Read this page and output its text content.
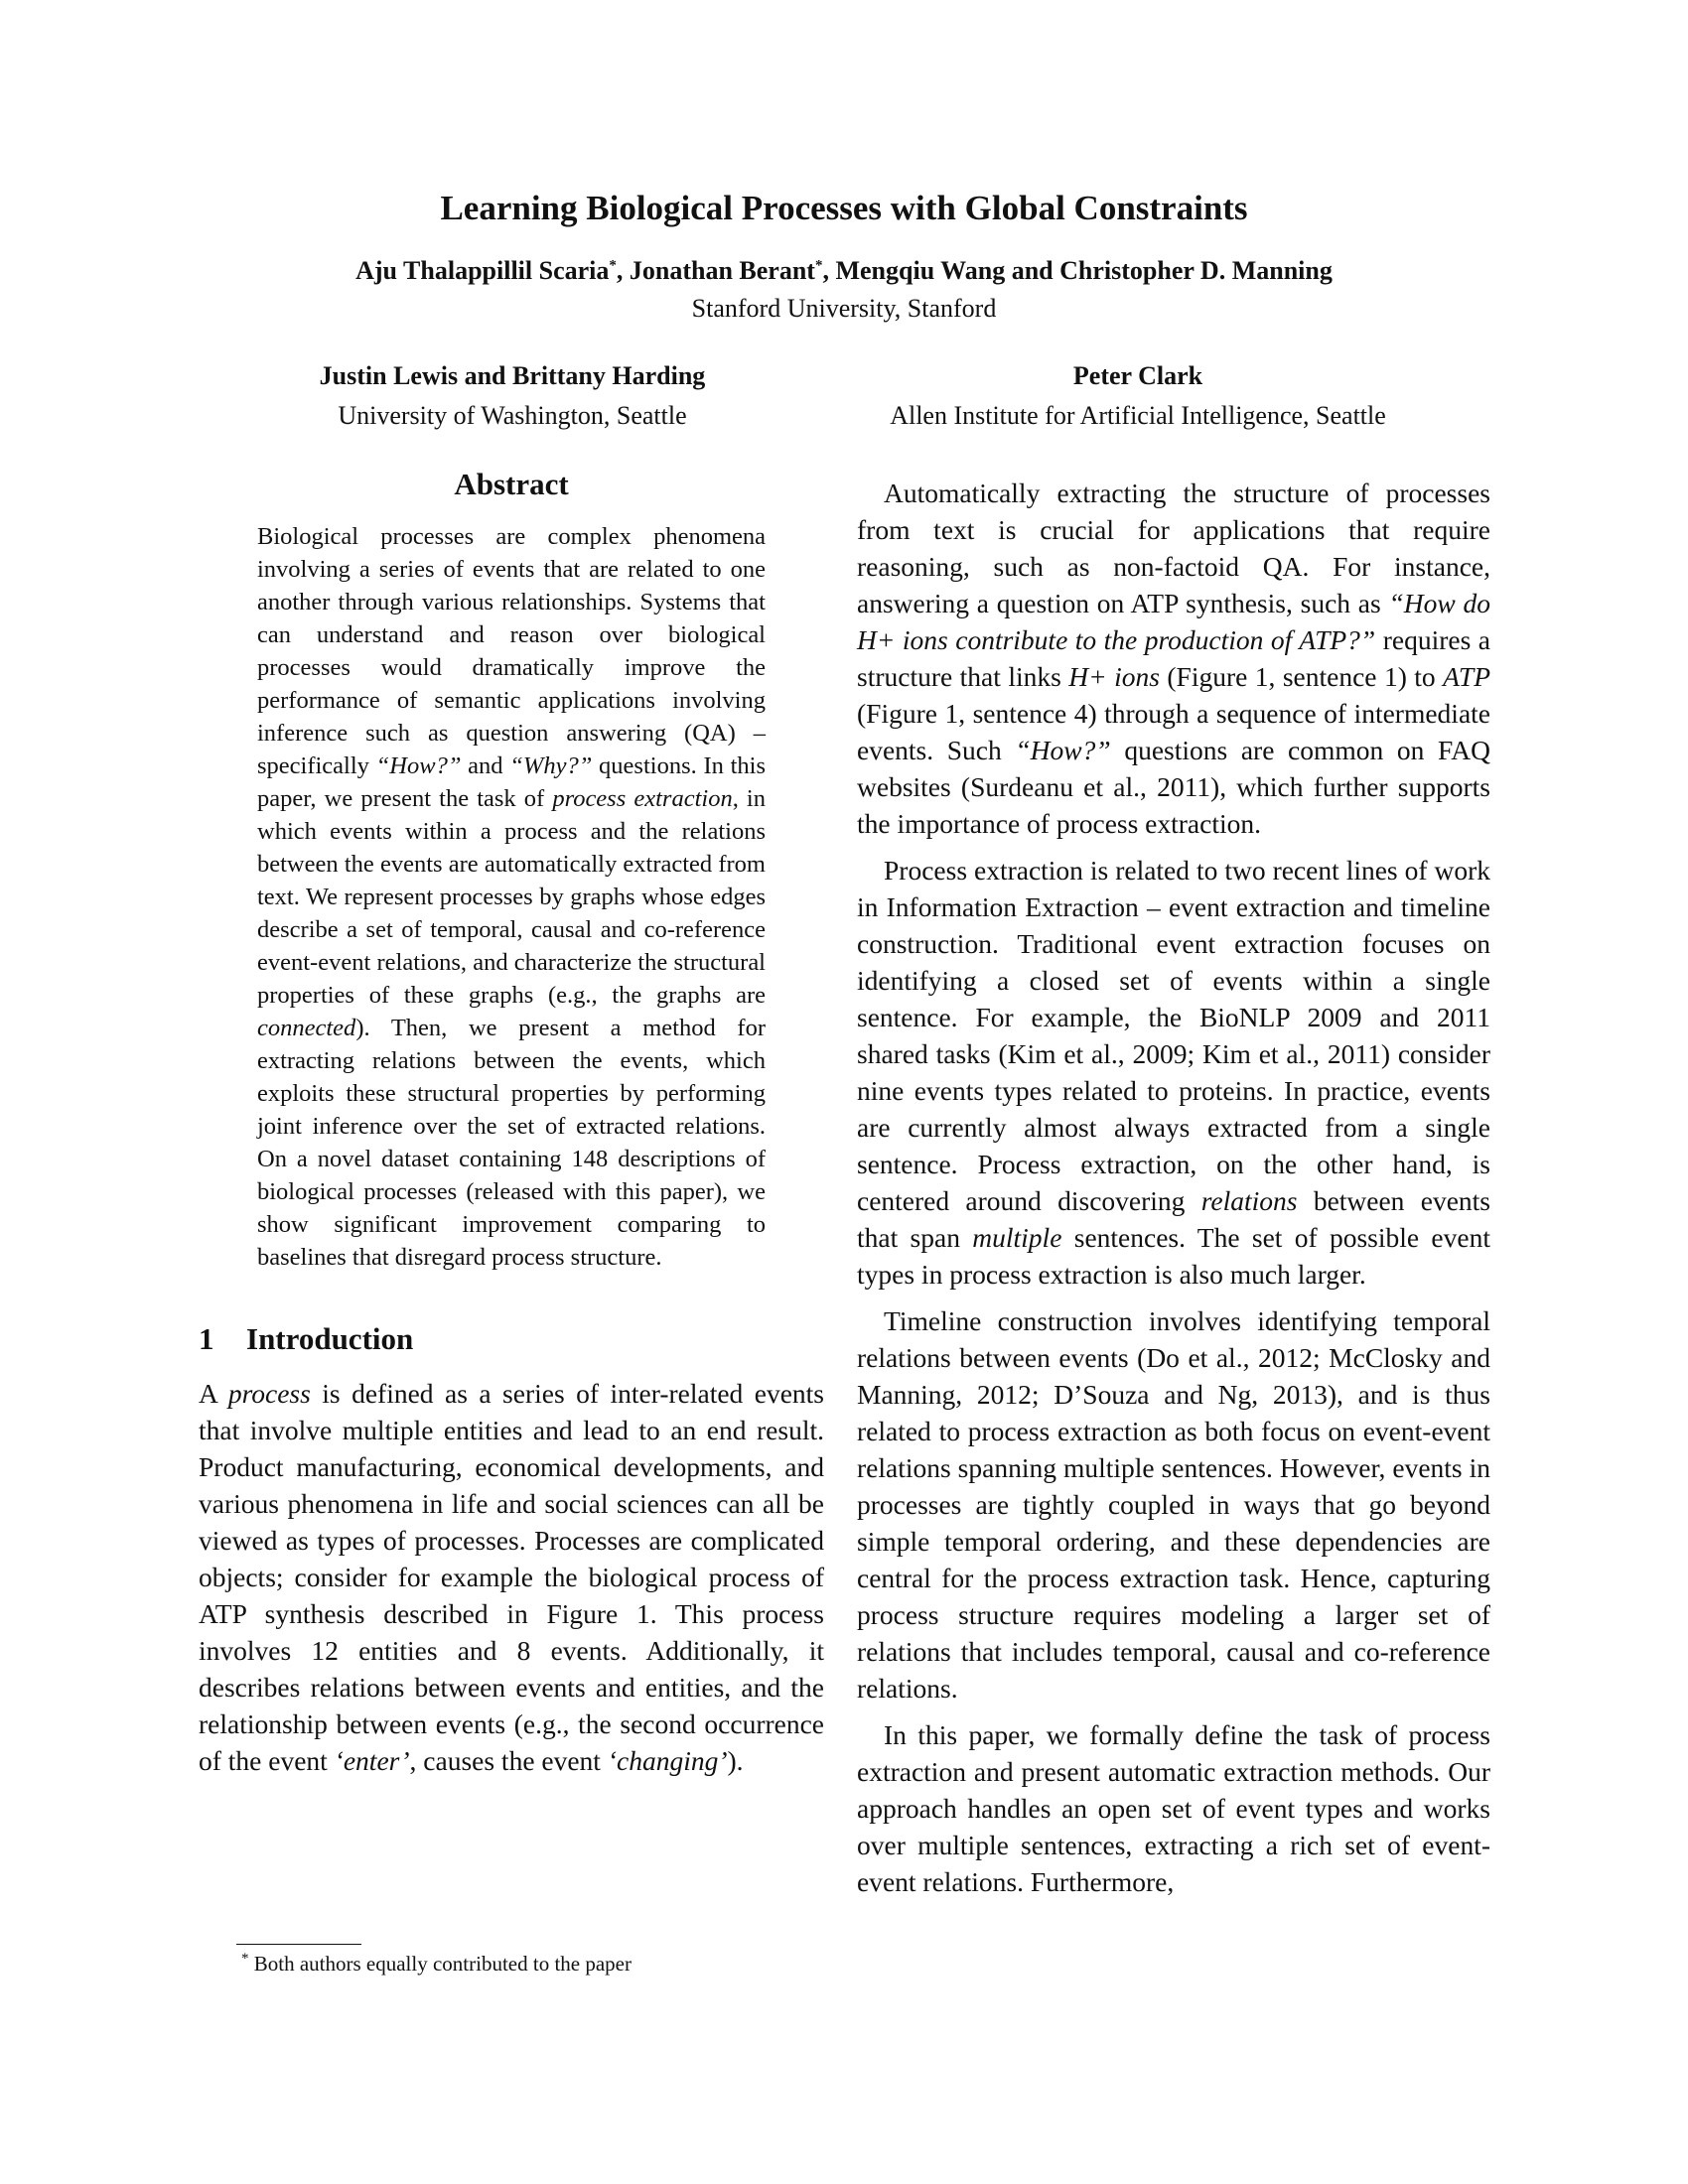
Learning Biological Processes with Global Constraints
Aju Thalappillil Scaria*, Jonathan Berant*, Mengqiu Wang and Christopher D. Manning
Stanford University, Stanford
Justin Lewis and Brittany Harding
University of Washington, Seattle
Peter Clark
Allen Institute for Artificial Intelligence, Seattle
Abstract

Biological processes are complex phenomena involving a series of events that are related to one another through various relationships. Systems that can understand and reason over biological processes would dramatically improve the performance of semantic applications involving inference such as question answering (QA) – specifically “How?” and “Why?” questions. In this paper, we present the task of process extraction, in which events within a process and the relations between the events are automatically extracted from text. We represent processes by graphs whose edges describe a set of temporal, causal and co-reference event-event relations, and characterize the structural properties of these graphs (e.g., the graphs are connected). Then, we present a method for extracting relations between the events, which exploits these structural properties by performing joint inference over the set of extracted relations. On a novel dataset containing 148 descriptions of biological processes (released with this paper), we show significant improvement comparing to baselines that disregard process structure.

1 Introduction

A process is defined as a series of inter-related events that involve multiple entities and lead to an end result. Product manufacturing, economical developments, and various phenomena in life and social sciences can all be viewed as types of processes. Processes are complicated objects; consider for example the biological process of ATP synthesis described in Figure 1. This process involves 12 entities and 8 events. Additionally, it describes relations between events and entities, and the relationship between events (e.g., the second occurrence of the event ‘enter’, causes the event ‘changing’).

* Both authors equally contributed to the paper

Automatically extracting the structure of processes from text is crucial for applications that require reasoning, such as non-factoid QA. For instance, answering a question on ATP synthesis, such as “How do H+ ions contribute to the production of ATP?” requires a structure that links H+ ions (Figure 1, sentence 1) to ATP (Figure 1, sentence 4) through a sequence of intermediate events. Such “How?” questions are common on FAQ websites (Surdeanu et al., 2011), which further supports the importance of process extraction.

Process extraction is related to two recent lines of work in Information Extraction – event extraction and timeline construction. Traditional event extraction focuses on identifying a closed set of events within a single sentence. For example, the BioNLP 2009 and 2011 shared tasks (Kim et al., 2009; Kim et al., 2011) consider nine events types related to proteins. In practice, events are currently almost always extracted from a single sentence. Process extraction, on the other hand, is centered around discovering relations between events that span multiple sentences. The set of possible event types in process extraction is also much larger.

Timeline construction involves identifying temporal relations between events (Do et al., 2012; McClosky and Manning, 2012; D’Souza and Ng, 2013), and is thus related to process extraction as both focus on event-event relations spanning multiple sentences. However, events in processes are tightly coupled in ways that go beyond simple temporal ordering, and these dependencies are central for the process extraction task. Hence, capturing process structure requires modeling a larger set of relations that includes temporal, causal and co-reference relations.

In this paper, we formally define the task of process extraction and present automatic extraction methods. Our approach handles an open set of event types and works over multiple sentences, extracting a rich set of event-event relations. Furthermore,
